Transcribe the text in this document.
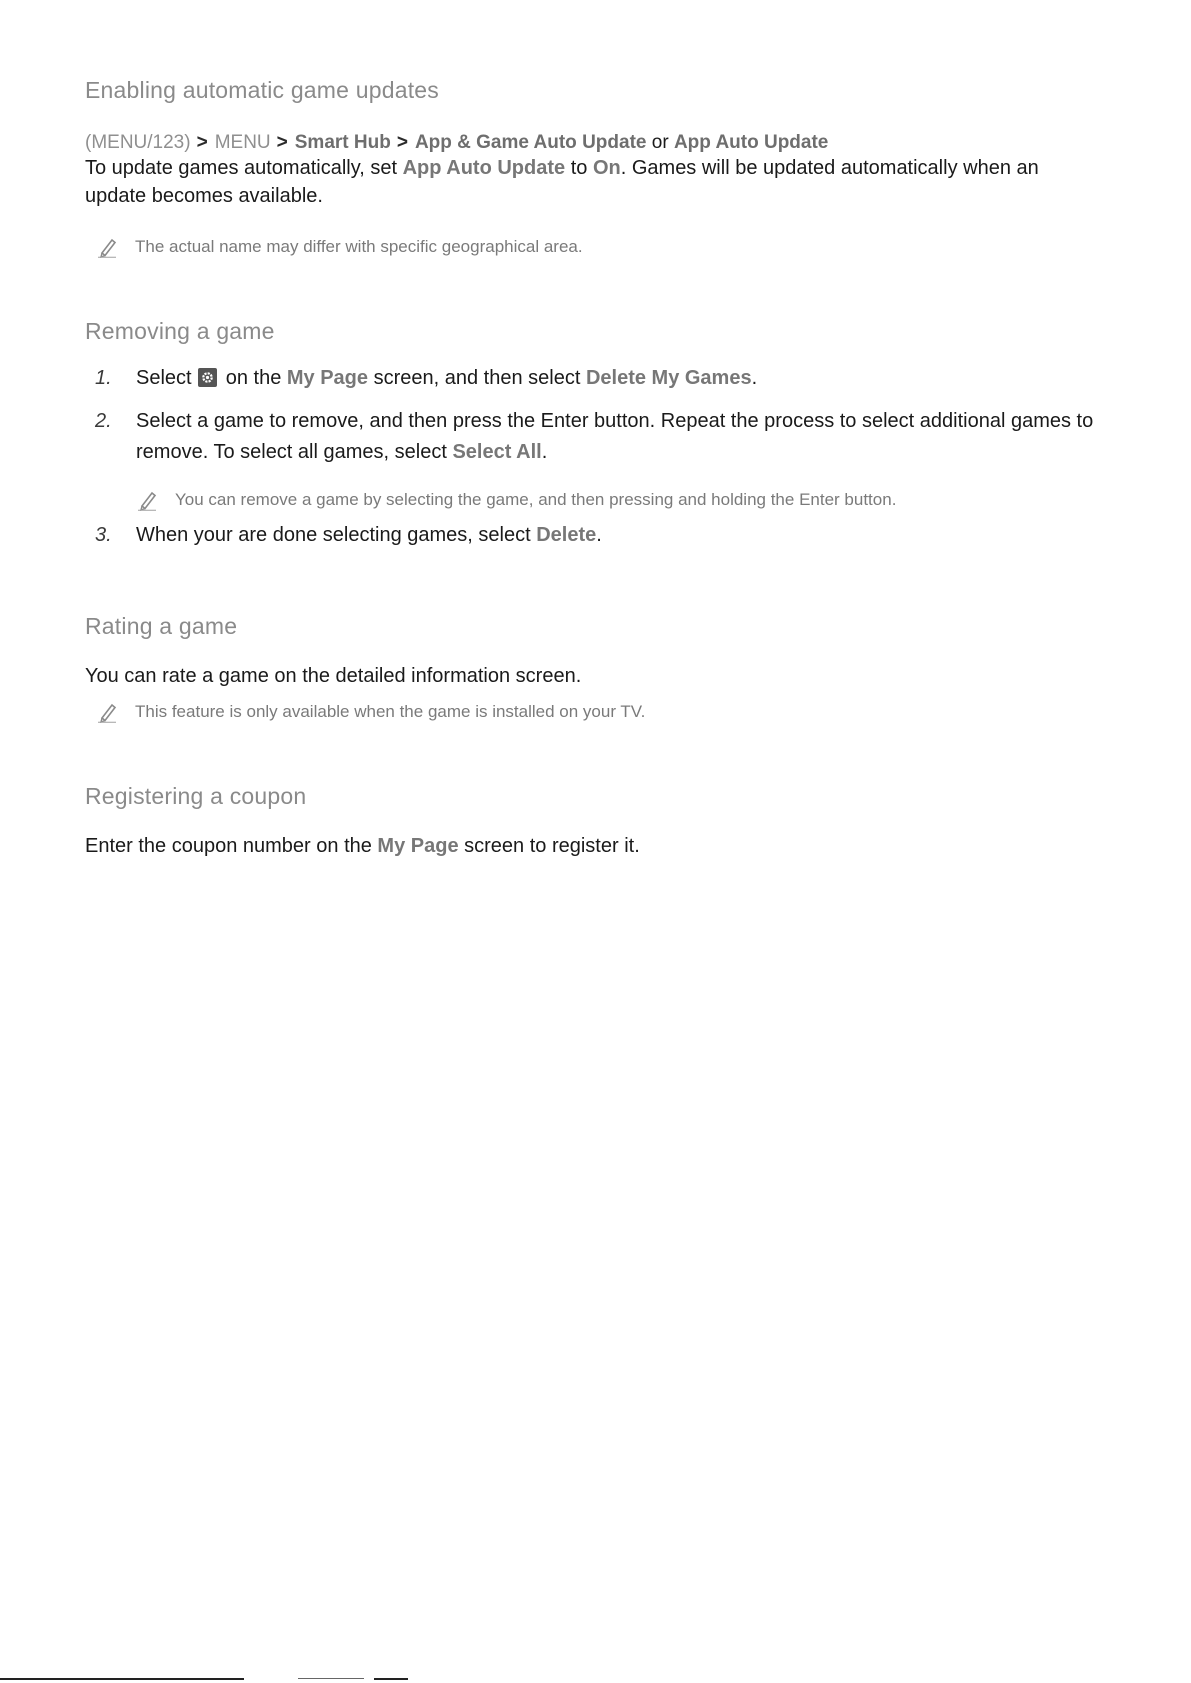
Enabling automatic game updates
(MENU/123) > MENU > Smart Hub > App & Game Auto Update or App Auto Update

To update games automatically, set App Auto Update to On. Games will be updated automatically when an update becomes available.

The actual name may differ with specific geographical area.
Removing a game
1. Select  on the My Page screen, and then select Delete My Games.
2. Select a game to remove, and then press the Enter button. Repeat the process to select additional games to remove. To select all games, select Select All.
You can remove a game by selecting the game, and then pressing and holding the Enter button.
3. When your are done selecting games, select Delete.
Rating a game

You can rate a game on the detailed information screen.

This feature is only available when the game is installed on your TV.
Registering a coupon

Enter the coupon number on the My Page screen to register it.
